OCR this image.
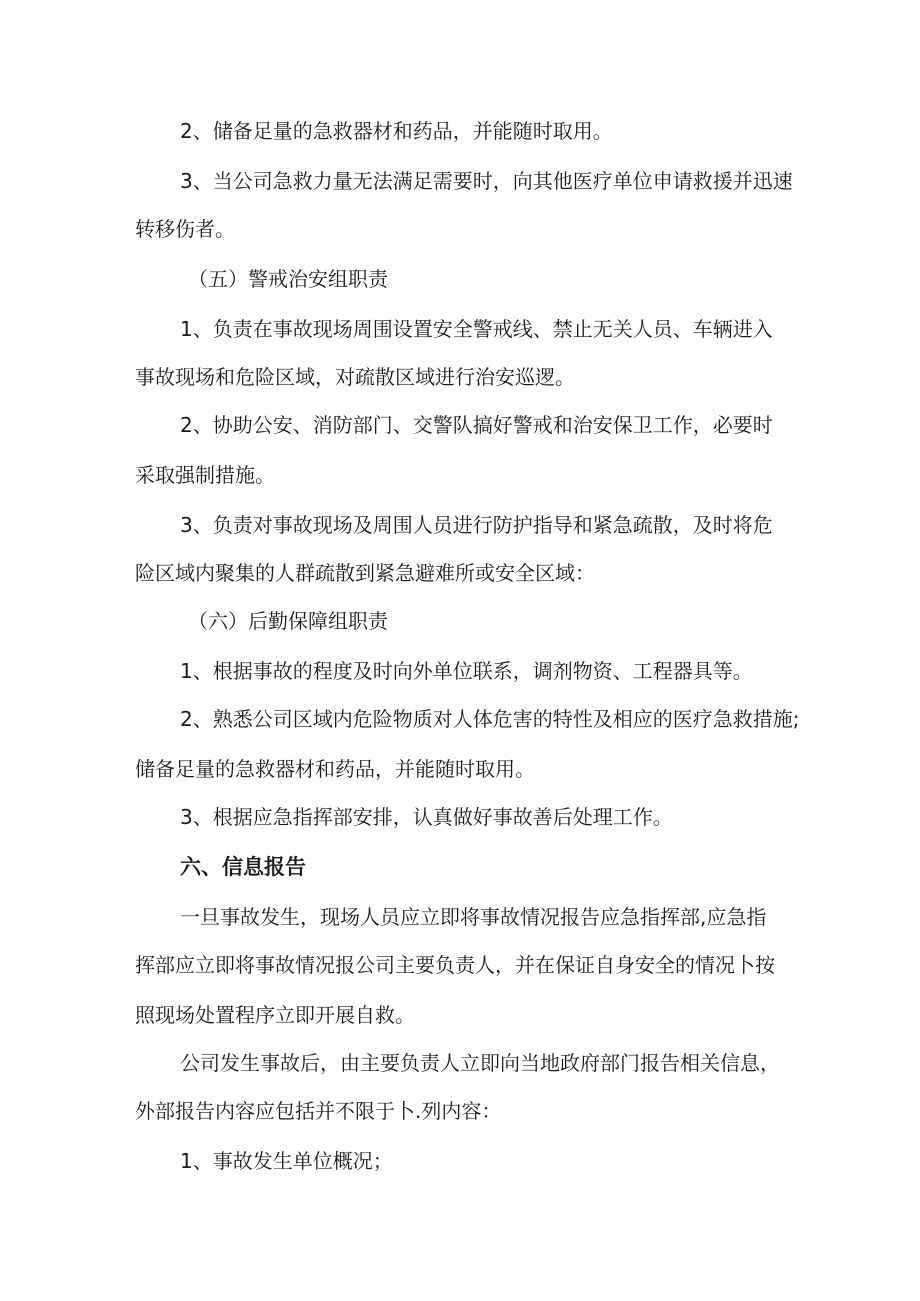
2、储备足量的急救器材和药品，并能随时取用。
3、当公司急救力量无法满足需要时，向其他医疗单位申请救援并迅速
转移伤者。
（五）警戒治安组职责
1、负责在事故现场周围设置安全警戒线、禁止无关人员、车辆进入
事故现场和危险区域，对疏散区域进行治安巡逻。
2、协助公安、消防部门、交警队搞好警戒和治安保卫工作，必要时
采取强制措施。
3、负责对事故现场及周围人员进行防护指导和紧急疏散，及时将危
险区域内聚集的人群疏散到紧急避难所或安全区域：
（六）后勤保障组职责
1、根据事故的程度及时向外单位联系，调剂物资、工程器具等。
2、熟悉公司区域内危险物质对人体危害的特性及相应的医疗急救措施;
储备足量的急救器材和药品，并能随时取用。
3、根据应急指挥部安排，认真做好事故善后处理工作。
六、信息报告
一旦事故发生，现场人员应立即将事故情况报告应急指挥部,应急指
挥部应立即将事故情况报公司主要负责人，并在保证自身安全的情况卜按
照现场处置程序立即开展自救。
公司发生事故后，由主要负责人立即向当地政府部门报告相关信息，
外部报告内容应包括并不限于卜.列内容：
1、事故发生单位概况；
